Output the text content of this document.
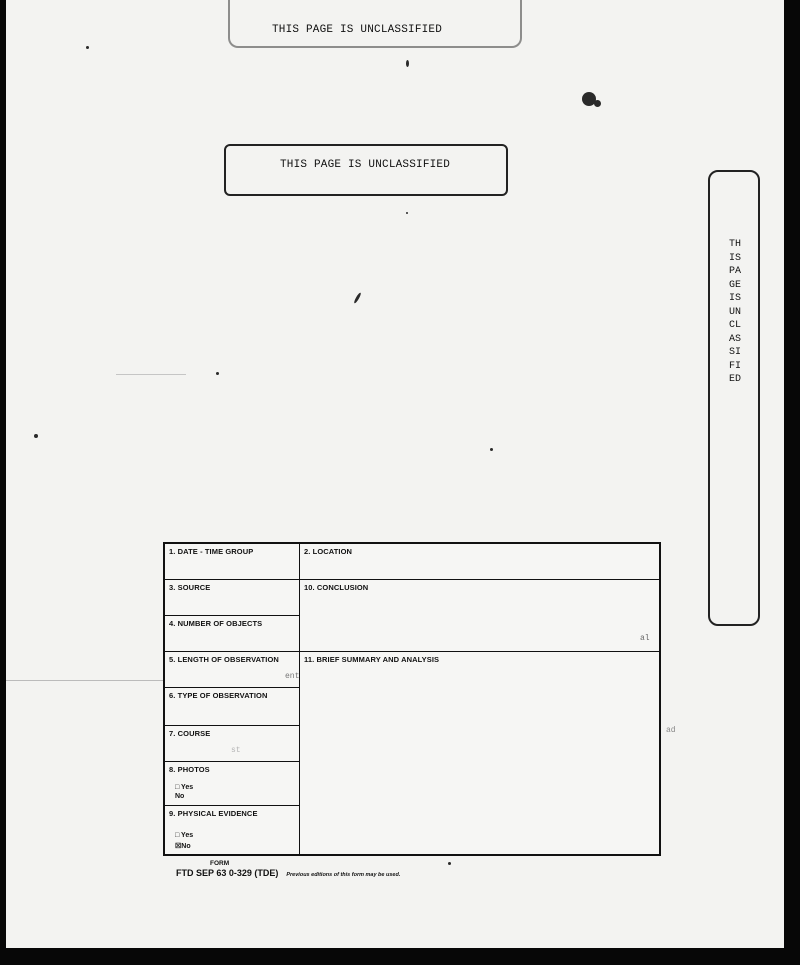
THIS PAGE IS UNCLASSIFIED
THIS PAGE IS UNCLASSIFIED
THIS PAGE IS UNCLASSIFIED
1. DATE - TIME GROUP
3. SOURCE
4. NUMBER OF OBJECTS
5. LENGTH OF OBSERVATION
ent
6. TYPE OF OBSERVATION
7. COURSE
st
8. PHOTOS
□ Yes
No
9. PHYSICAL EVIDENCE
□ Yes
☒No
2. LOCATION
10. CONCLUSION
al
11. BRIEF SUMMARY AND ANALYSIS
ad
FORM
FTD SEP 63 0-329 (TDE) Previous editions of this form may be used.
